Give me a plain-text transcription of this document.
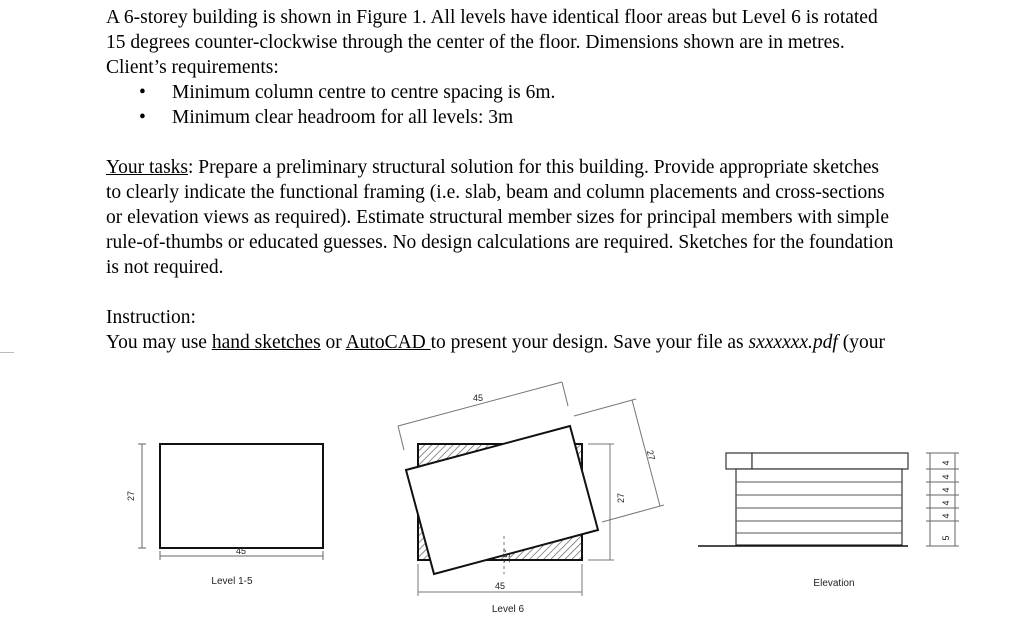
A 6-storey building is shown in Figure 1. All levels have identical floor areas but Level 6 is rotated
15 degrees counter-clockwise through the center of the floor. Dimensions shown are in metres.
Client’s requirements:

• Minimum column centre to centre spacing is 6m.
• Minimum clear headroom for all levels: 3m

Your tasks: Prepare a preliminary structural solution for this building. Provide appropriate sketches
to clearly indicate the functional framing (i.e. slab, beam and column placements and cross-sections
or elevation views as required). Estimate structural member sizes for principal members with simple
rule-of-thumbs or educated guesses. No design calculations are required. Sketches for the foundation
is not required.

Instruction:
You may use hand sketches or AutoCAD to present your design. Save your file as sxxxxxx.pdf (your

27
45
Level 1-5
45
27
27
45
15°
Level 6
5
4
4
4
4
4
Elevation
